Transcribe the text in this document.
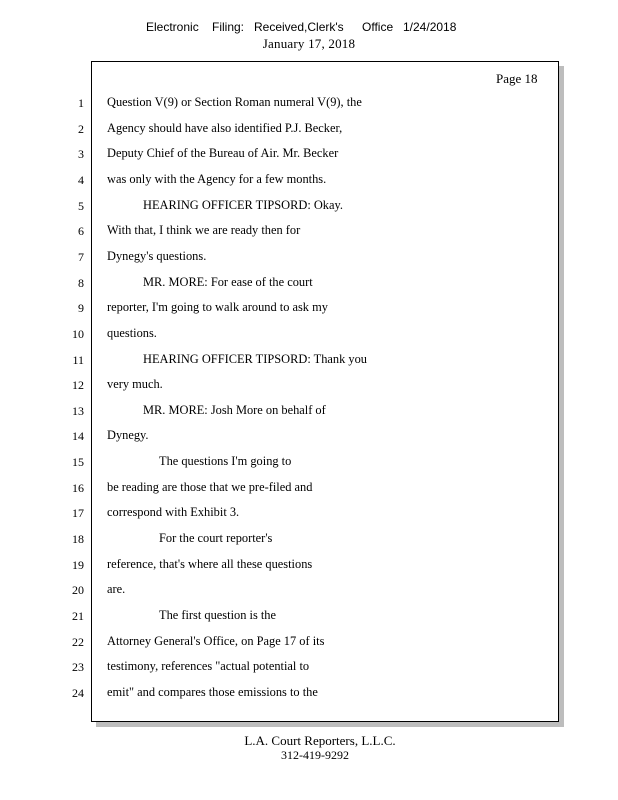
Electronic Filing: Received,Clerk's Office 1/24/2018
January 17, 2018
Page 18
1 Question V(9) or Section Roman numeral V(9), the
2 Agency should have also identified P.J. Becker,
3 Deputy Chief of the Bureau of Air. Mr. Becker
4 was only with the Agency for a few months.
5	HEARING OFFICER TIPSORD: Okay.
6 With that, I think we are ready then for
7 Dynegy's questions.
8	MR. MORE: For ease of the court
9 reporter, I'm going to walk around to ask my
10 questions.
11	HEARING OFFICER TIPSORD: Thank you
12 very much.
13	MR. MORE: Josh More on behalf of
14 Dynegy.
15	The questions I'm going to
16 be reading are those that we pre-filed and
17 correspond with Exhibit 3.
18	For the court reporter's
19 reference, that's where all these questions
20 are.
21	The first question is the
22 Attorney General's Office, on Page 17 of its
23 testimony, references "actual potential to
24 emit" and compares those emissions to the
L.A. Court Reporters, L.L.C.
312-419-9292
